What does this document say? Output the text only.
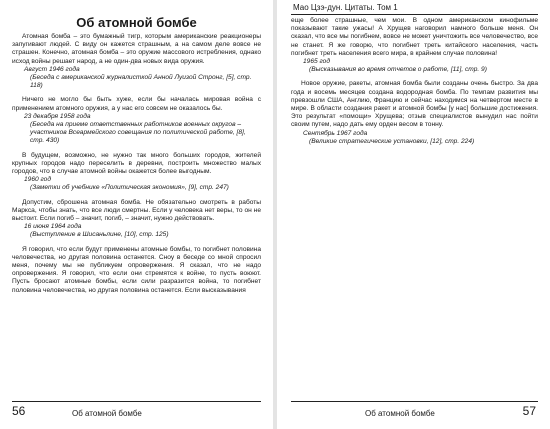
Об атомной бомбе

Атомная бомба – это бумажный тигр, которым американские реакционеры запугивают людей. С виду он кажется страшным, а на самом деле вовсе не страшен. Конечно, атомная бомба – это оружие массового истребления, однако исход войны решает народ, а не один-два новых вида оружия.

Август 1946 года

(Беседа с американской журналисткой Анной Луизой Стронг, [5], стр. 118)

Ничего не могло бы быть хуже, если бы началась мировая война с применением атомного оружия, а у нас его совсем не оказалось бы.

23 декабря 1958 года

(Беседа на приеме ответственных работников военных округов – участников Всеармейского совещания по политической работе, [8], стр. 430)

В будущем, возможно, не нужно так много больших городов, жителей крупных городов надо переселить в деревни, построить множество малых городов, что в случае атомной войны окажется более выгодным.

1960 год

(Заметки об учебнике «Политическая экономия», [9], стр. 247)

Допустим, сброшена атомная бомба. Не обязательно смотреть в работы Маркса, чтобы знать, что все люди смертны. Если у человека нет веры, то он не выстоит. Если погиб – значит, погиб, – значит, нужно действовать.

16 июня 1964 года

(Выступление в Шисаньлине, [10], стр. 125)

Я говорил, что если будут применены атомные бомбы, то погибнет половина человечества, но другая половина останется. Сноу в беседе со мной спросил меня, почему мы не публикуем опровержения. Я сказал, что не надо опровержения. Я говорил, что если они стремятся к войне, то пусть воюют. Пусть бросают атомные бомбы, если сили разразится война, то погибнет половина человечества, но другая половина останется. Если высказывания

56	Об атомной бомбе
Мао Цзэ-дун. Цитаты. Том 1

еще более страшные, чем мои. В одном американском кинофильме показывают такие ужасы! А Хрущев наговорил намного больше меня. Он сказал, что все мы погибнем, вовсе не может уничтожить все человечество, все не станет. Я же говорю, что погибнет треть китайского населения, часть погибнет треть населения всего мира, в крайнем случае половина!

1965 год

(Высказывания во время отчетов о работе, [11], стр. 9)

Новое оружие, ракеты, атомная бомба были созданы очень быстро. За два года и восемь месяцев создана водородная бомба. По темпам развития мы превзошли США, Англию, Францию и сейчас находимся на четвертом месте в мире. В области создания ракет и атомной бомбы [у нас] большие достижения. Это результат «помощи» Хрущева; отзыв специалистов вынудил нас пойти своим путем, надо дать ему орден весом в тонну.

Сентябрь 1967 года

(Великие стратегические установки, [12], стр. 224)

Об атомной бомбе	57
